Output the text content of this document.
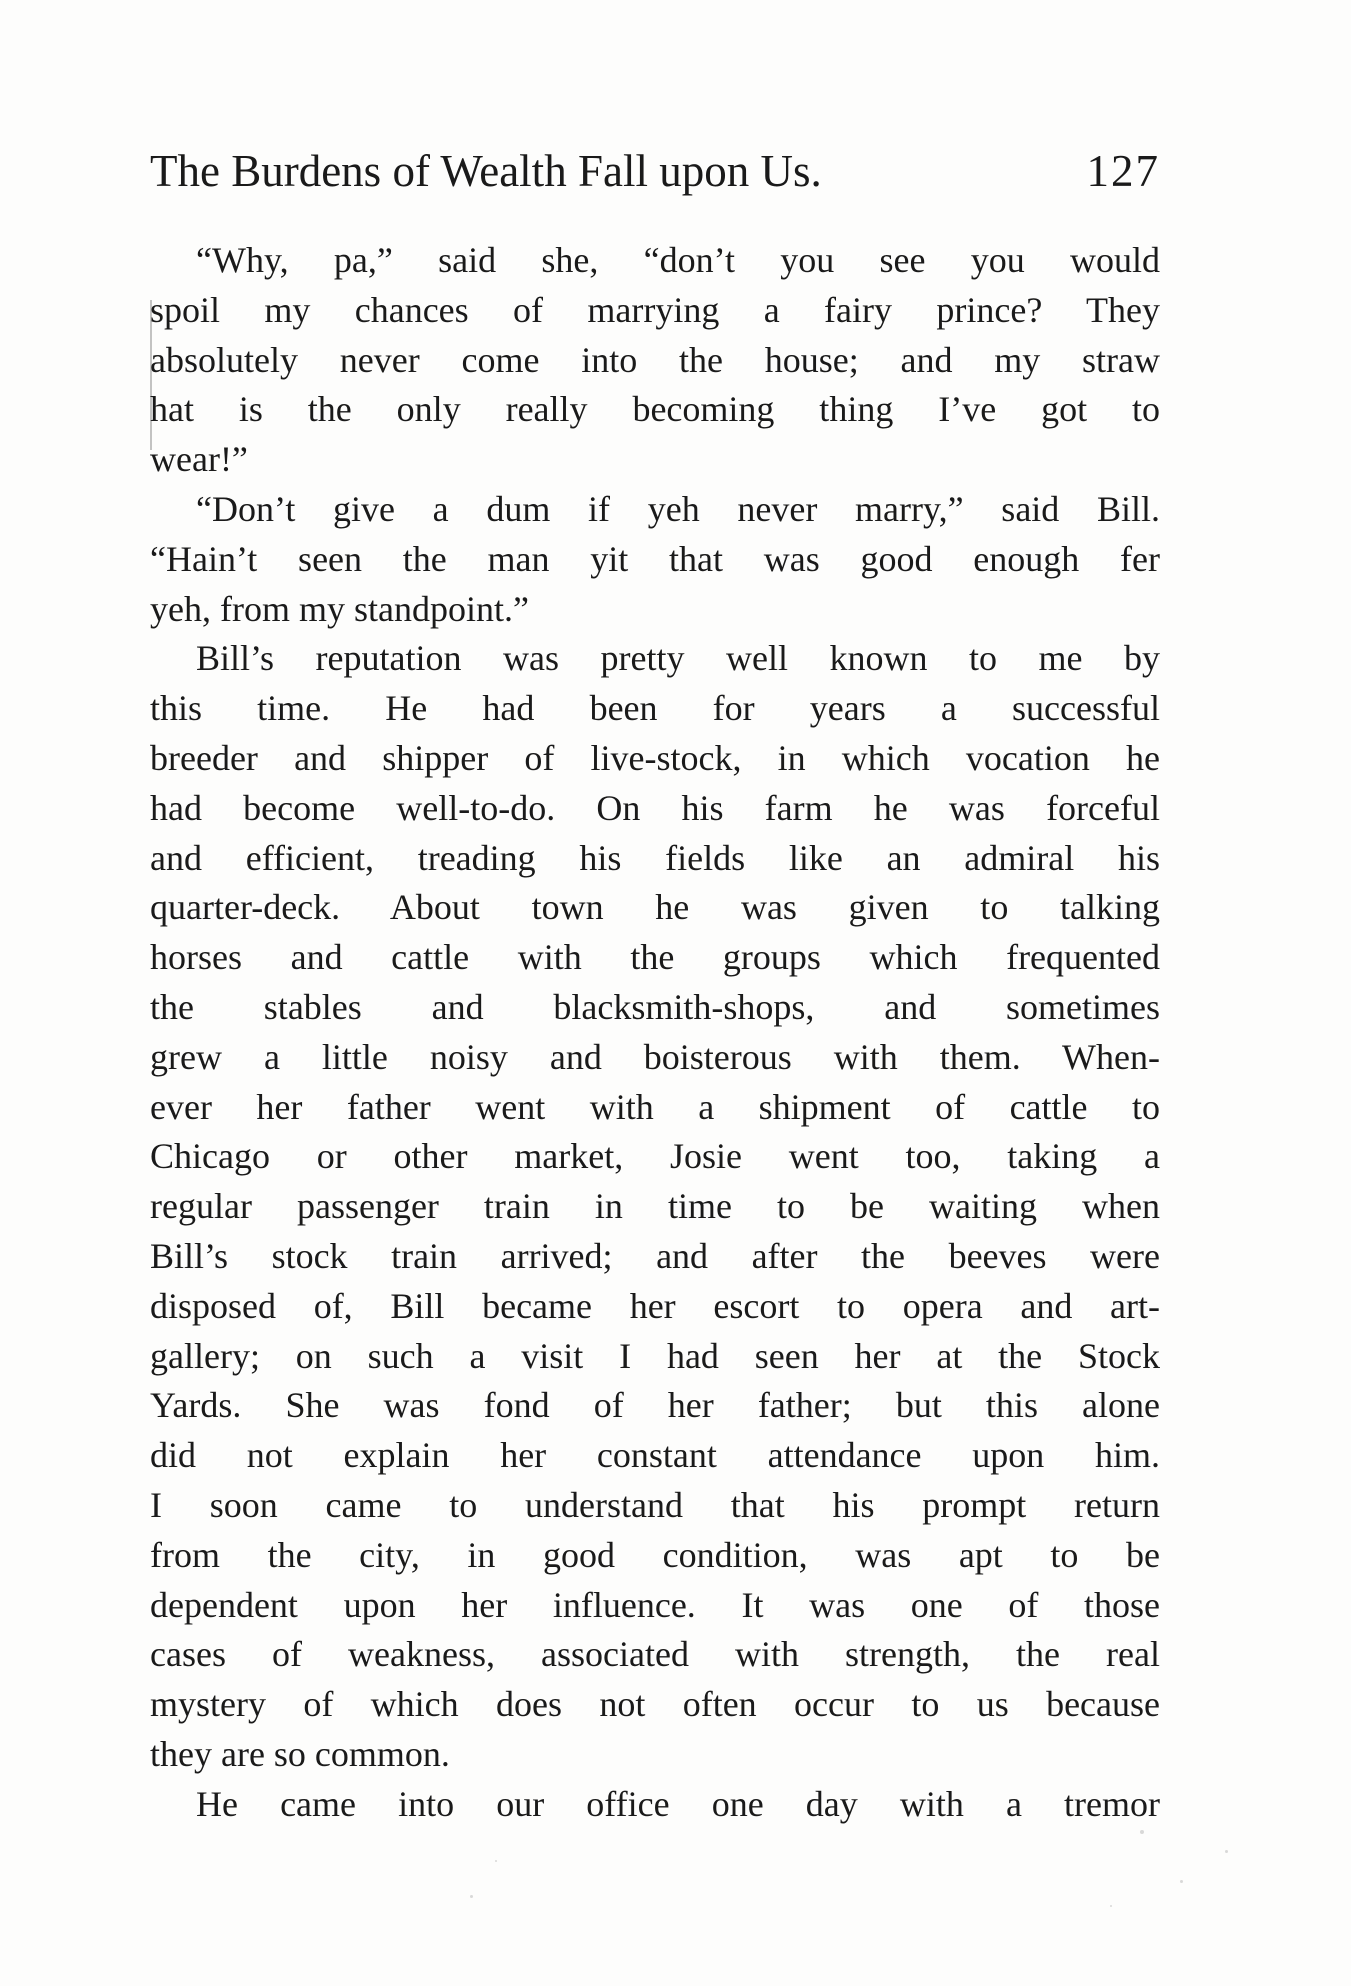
The Burdens of Wealth Fall upon Us.	127
“Why, pa,” said she, “don’t you see you would
spoil my chances of marrying a fairy prince? They
absolutely never come into the house; and my straw
hat is the only really becoming thing I’ve got to
wear!”
“Don’t give a dum if yeh never marry,” said Bill.
“Hain’t seen the man yit that was good enough fer
yeh, from my standpoint.”
Bill’s reputation was pretty well known to me by
this time. He had been for years a successful
breeder and shipper of live-stock, in which vocation he
had become well-to-do. On his farm he was forceful
and efficient, treading his fields like an admiral his
quarter-deck. About town he was given to talking
horses and cattle with the groups which frequented
the stables and blacksmith-shops, and sometimes
grew a little noisy and boisterous with them. When-
ever her father went with a shipment of cattle to
Chicago or other market, Josie went too, taking a
regular passenger train in time to be waiting when
Bill’s stock train arrived; and after the beeves were
disposed of, Bill became her escort to opera and art-
gallery; on such a visit I had seen her at the Stock
Yards. She was fond of her father; but this alone
did not explain her constant attendance upon him.
I soon came to understand that his prompt return
from the city, in good condition, was apt to be
dependent upon her influence. It was one of those
cases of weakness, associated with strength, the real
mystery of which does not often occur to us because
they are so common.
He came into our office one day with a tremor
